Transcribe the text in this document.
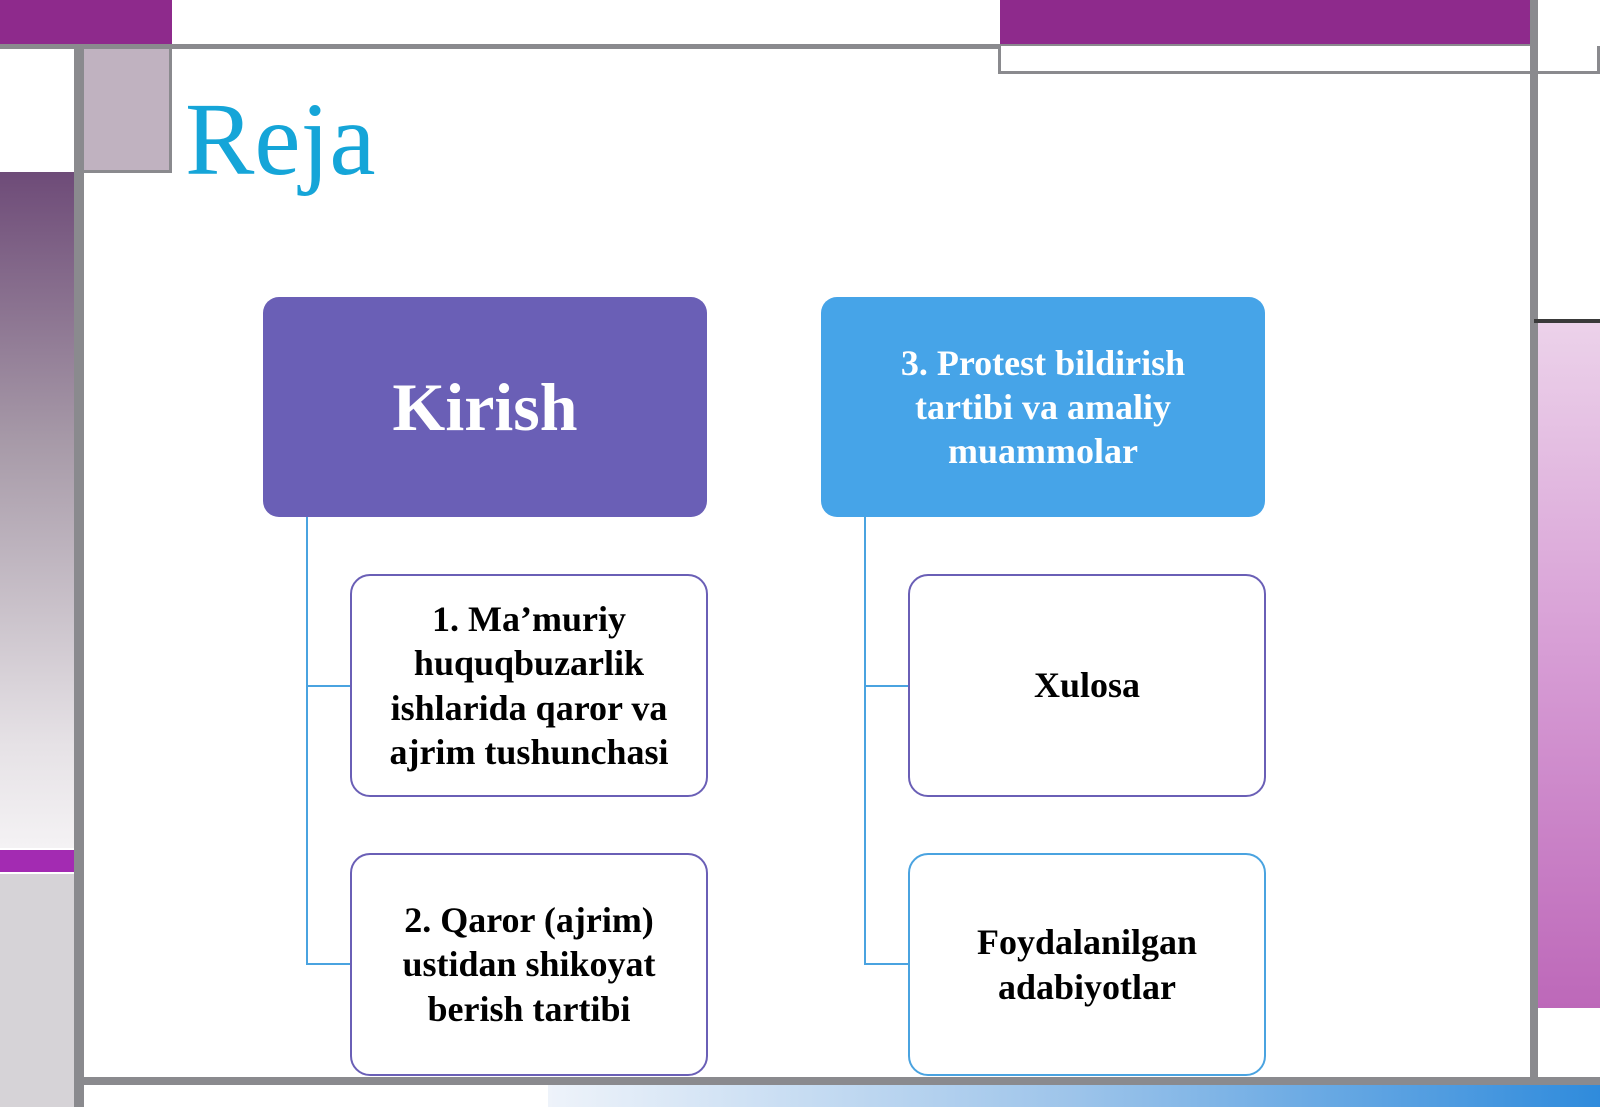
Reja
Kirish
3. Protest bildirish tartibi va amaliy muammolar
1. Ma’muriy huquqbuzarlik ishlarida qaror va ajrim tushunchasi
2. Qaror (ajrim) ustidan shikoyat berish tartibi
Xulosa
Foydalanilgan adabiyotlar
